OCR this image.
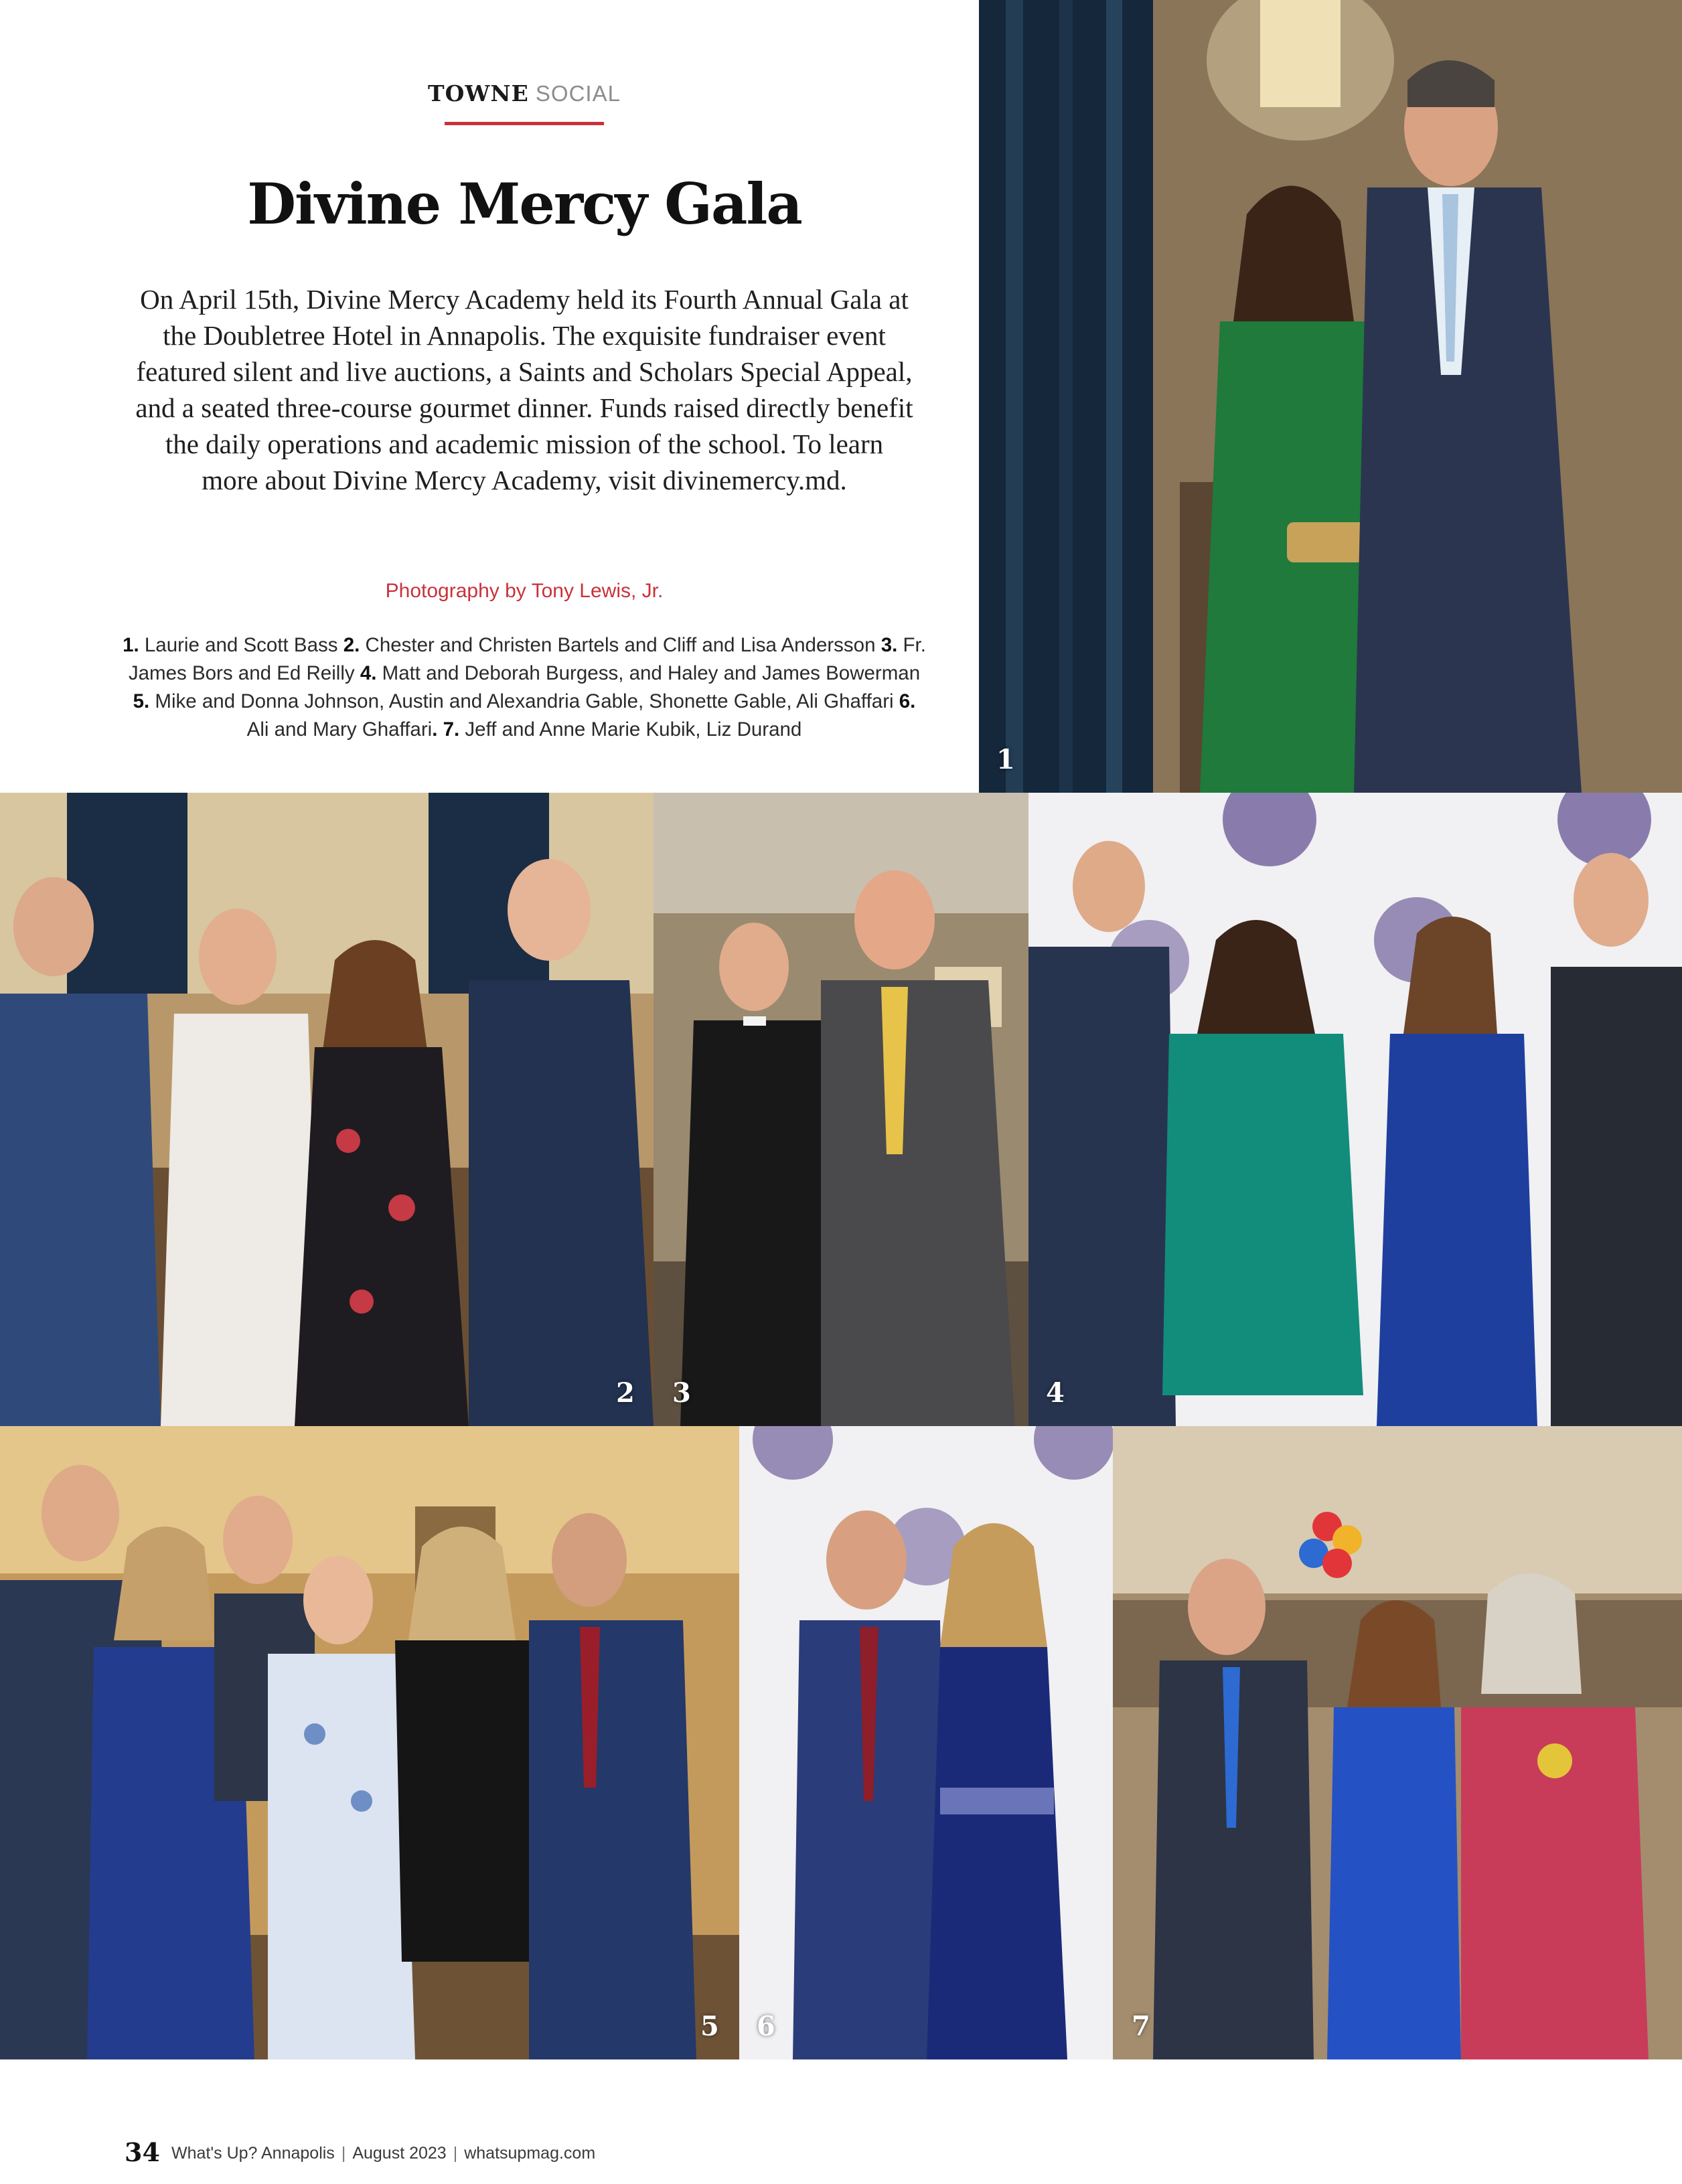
TOWNE SOCIAL
Divine Mercy Gala

On April 15th, Divine Mercy Academy held its Fourth Annual Gala at the Doubletree Hotel in Annapolis. The exquisite fundraiser event featured silent and live auctions, a Saints and Scholars Special Appeal, and a seated three-course gourmet dinner. Funds raised directly benefit the daily operations and academic mission of the school. To learn more about Divine Mercy Academy, visit divinemercy.md.

Photography by Tony Lewis, Jr.

1. Laurie and Scott Bass 2. Chester and Christen Bartels and Cliff and Lisa Andersson 3. Fr. James Bors and Ed Reilly 4. Matt and Deborah Burgess, and Haley and James Bowerman 5. Mike and Donna Johnson, Austin and Alexandria Gable, Shonette Gable, Ali Ghaffari 6. Ali and Mary Ghaffari. 7. Jeff and Anne Marie Kubik, Liz Durand

1
2 3	4
5 6	7
34 What's Up? Annapolis | August 2023 | whatsupmag.com
